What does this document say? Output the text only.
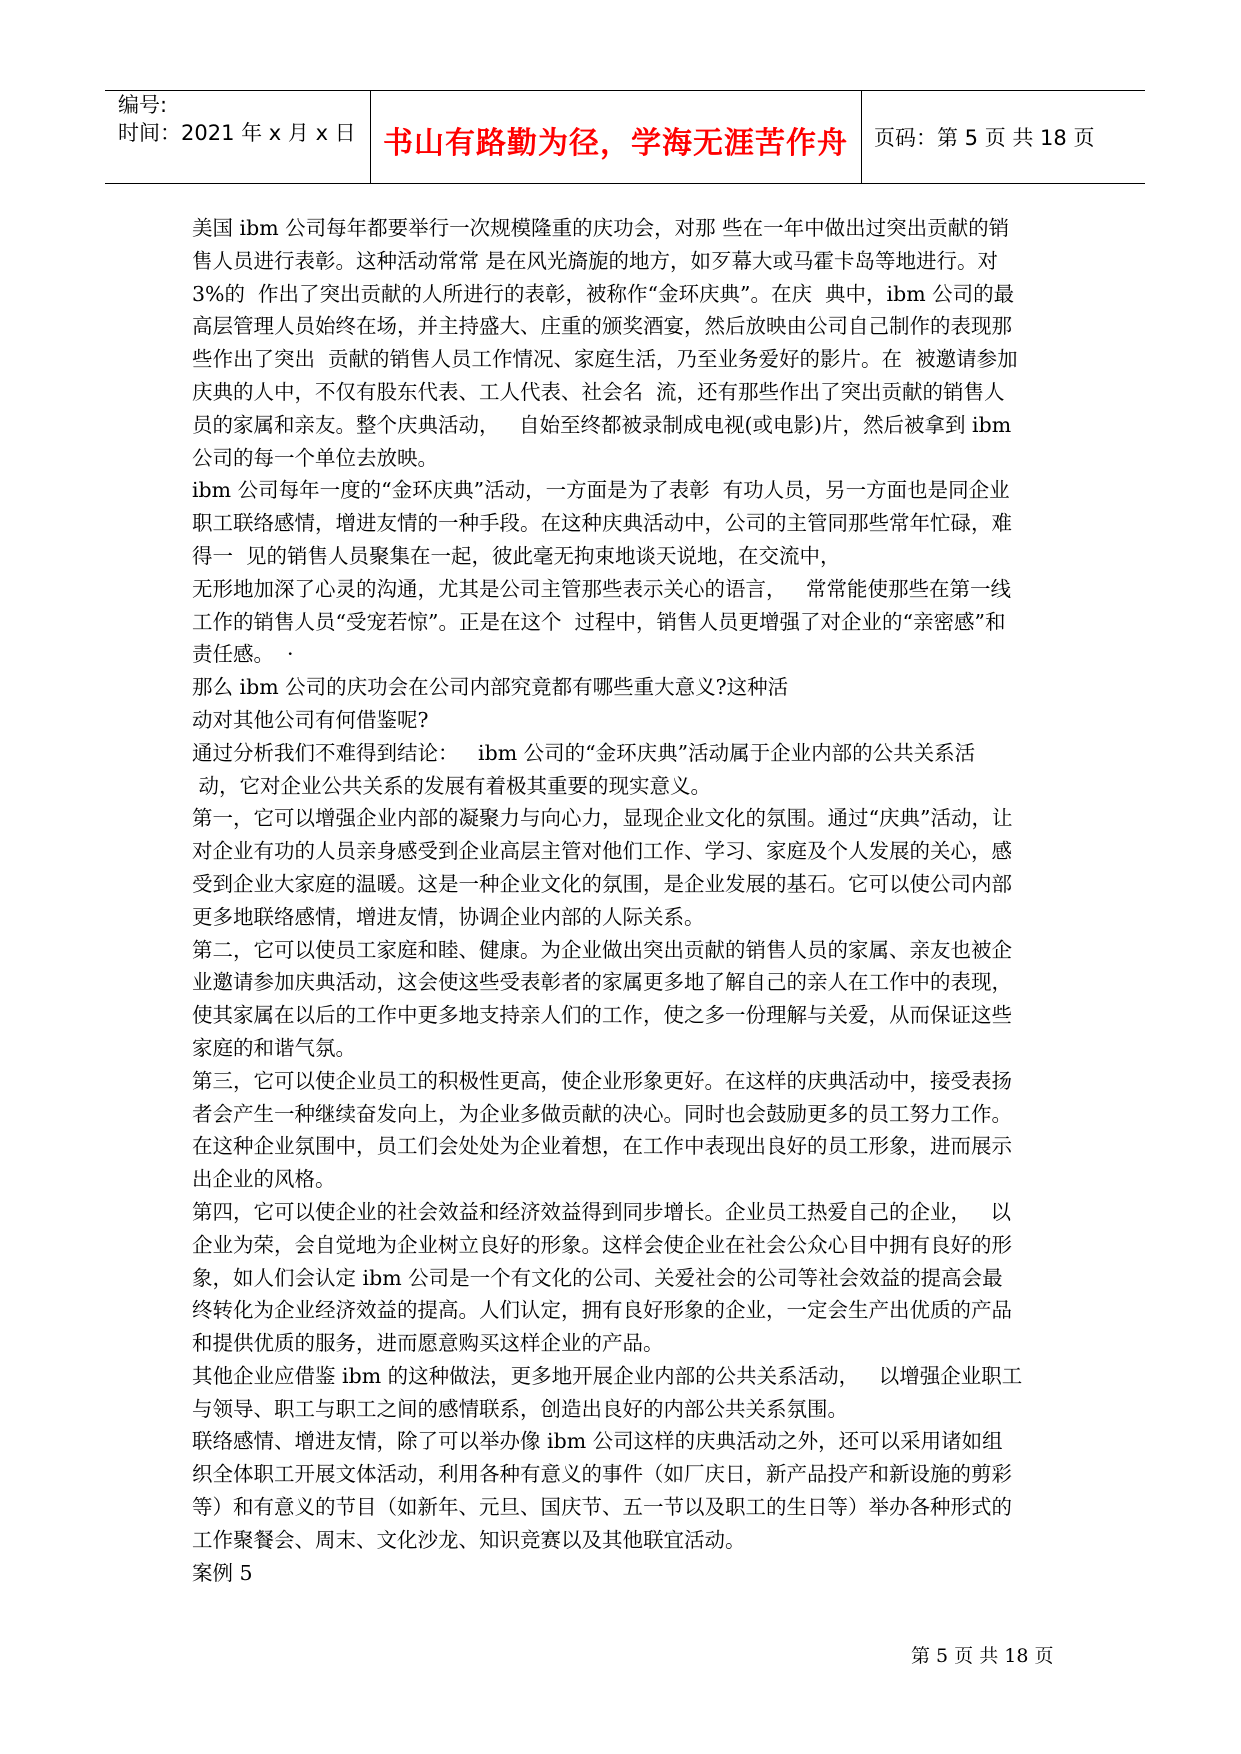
编号:
时间：2021 年 x 月 x 日 书山有路勤为径，学海无涯苦作舟	页码：第 5 页 共 18 页
美国 ibm 公司每年都要举行一次规模隆重的庆功会，对那 些在一年中做出过突出贡献的销
售人员进行表彰。这种活动常常 是在风光旖旎的地方，如歹幕大或马霍卡岛等地进行。对
3%的  作出了突出贡献的人所进行的表彰，被称作“金环庆典”。在庆  典中，ibm 公司的最
高层管理人员始终在场，并主持盛大、庄重的颁奖酒宴，然后放映由公司自己制作的表现那
些作出了突出  贡献的销售人员工作情况、家庭生活，乃至业务爱好的影片。在  被邀请参加
庆典的人中，不仅有股东代表、工人代表、社会名  流，还有那些作出了突出贡献的销售人
员的家属和亲友。整个庆典活动，   自始至终都被录制成电视(或电影)片，然后被拿到 ibm
公司的每一个单位去放映。
ibm 公司每年一度的“金环庆典”活动，一方面是为了表彰  有功人员，另一方面也是同企业
职工联络感情，增进友情的一种手段。在这种庆典活动中，公司的主管同那些常年忙碌，难
得一  见的销售人员聚集在一起，彼此毫无拘束地谈天说地，在交流中，
无形地加深了心灵的沟通，尤其是公司主管那些表示关心的语言，   常常能使那些在第一线
工作的销售人员“受宠若惊”。正是在这个  过程中，销售人员更增强了对企业的“亲密感”和
责任感。  ·
那么 ibm 公司的庆功会在公司内部究竟都有哪些重大意义?这种活
动对其他公司有何借鉴呢?
通过分析我们不难得到结论：   ibm 公司的“金环庆典”活动属于企业内部的公共关系活
动，它对企业公共关系的发展有着极其重要的现实意义。
第一，它可以增强企业内部的凝聚力与向心力，显现企业文化的氛围。通过“庆典”活动，让
对企业有功的人员亲身感受到企业高层主管对他们工作、学习、家庭及个人发展的关心，感
受到企业大家庭的温暖。这是一种企业文化的氛围，是企业发展的基石。它可以使公司内部
更多地联络感情，增进友情，协调企业内部的人际关系。
第二，它可以使员工家庭和睦、健康。为企业做出突出贡献的销售人员的家属、亲友也被企
业邀请参加庆典活动，这会使这些受表彰者的家属更多地了解自己的亲人在工作中的表现，
使其家属在以后的工作中更多地支持亲人们的工作，使之多一份理解与关爱，从而保证这些
家庭的和谐气氛。
第三，它可以使企业员工的积极性更高，使企业形象更好。在这样的庆典活动中，接受表扬
者会产生一种继续奋发向上，为企业多做贡献的决心。同时也会鼓励更多的员工努力工作。
在这种企业氛围中，员工们会处处为企业着想，在工作中表现出良好的员工形象，进而展示
出企业的风格。
第四，它可以使企业的社会效益和经济效益得到同步增长。企业员工热爱自己的企业，   以
企业为荣，会自觉地为企业树立良好的形象。这样会使企业在社会公众心目中拥有良好的形
象，如人们会认定 ibm 公司是一个有文化的公司、关爱社会的公司等社会效益的提高会最
终转化为企业经济效益的提高。人们认定，拥有良好形象的企业，一定会生产出优质的产品
和提供优质的服务，进而愿意购买这样企业的产品。
其他企业应借鉴 ibm 的这种做法，更多地开展企业内部的公共关系活动，   以增强企业职工
与领导、职工与职工之间的感情联系，创造出良好的内部公共关系氛围。
联络感情、增进友情，除了可以举办像 ibm 公司这样的庆典活动之外，还可以采用诸如组
织全体职工开展文体活动，利用各种有意义的事件（如厂庆日，新产品投产和新设施的剪彩
等）和有意义的节目（如新年、元旦、国庆节、五一节以及职工的生日等）举办各种形式的
工作聚餐会、周末、文化沙龙、知识竞赛以及其他联宜活动。
案例 5
第 5 页 共 18 页
